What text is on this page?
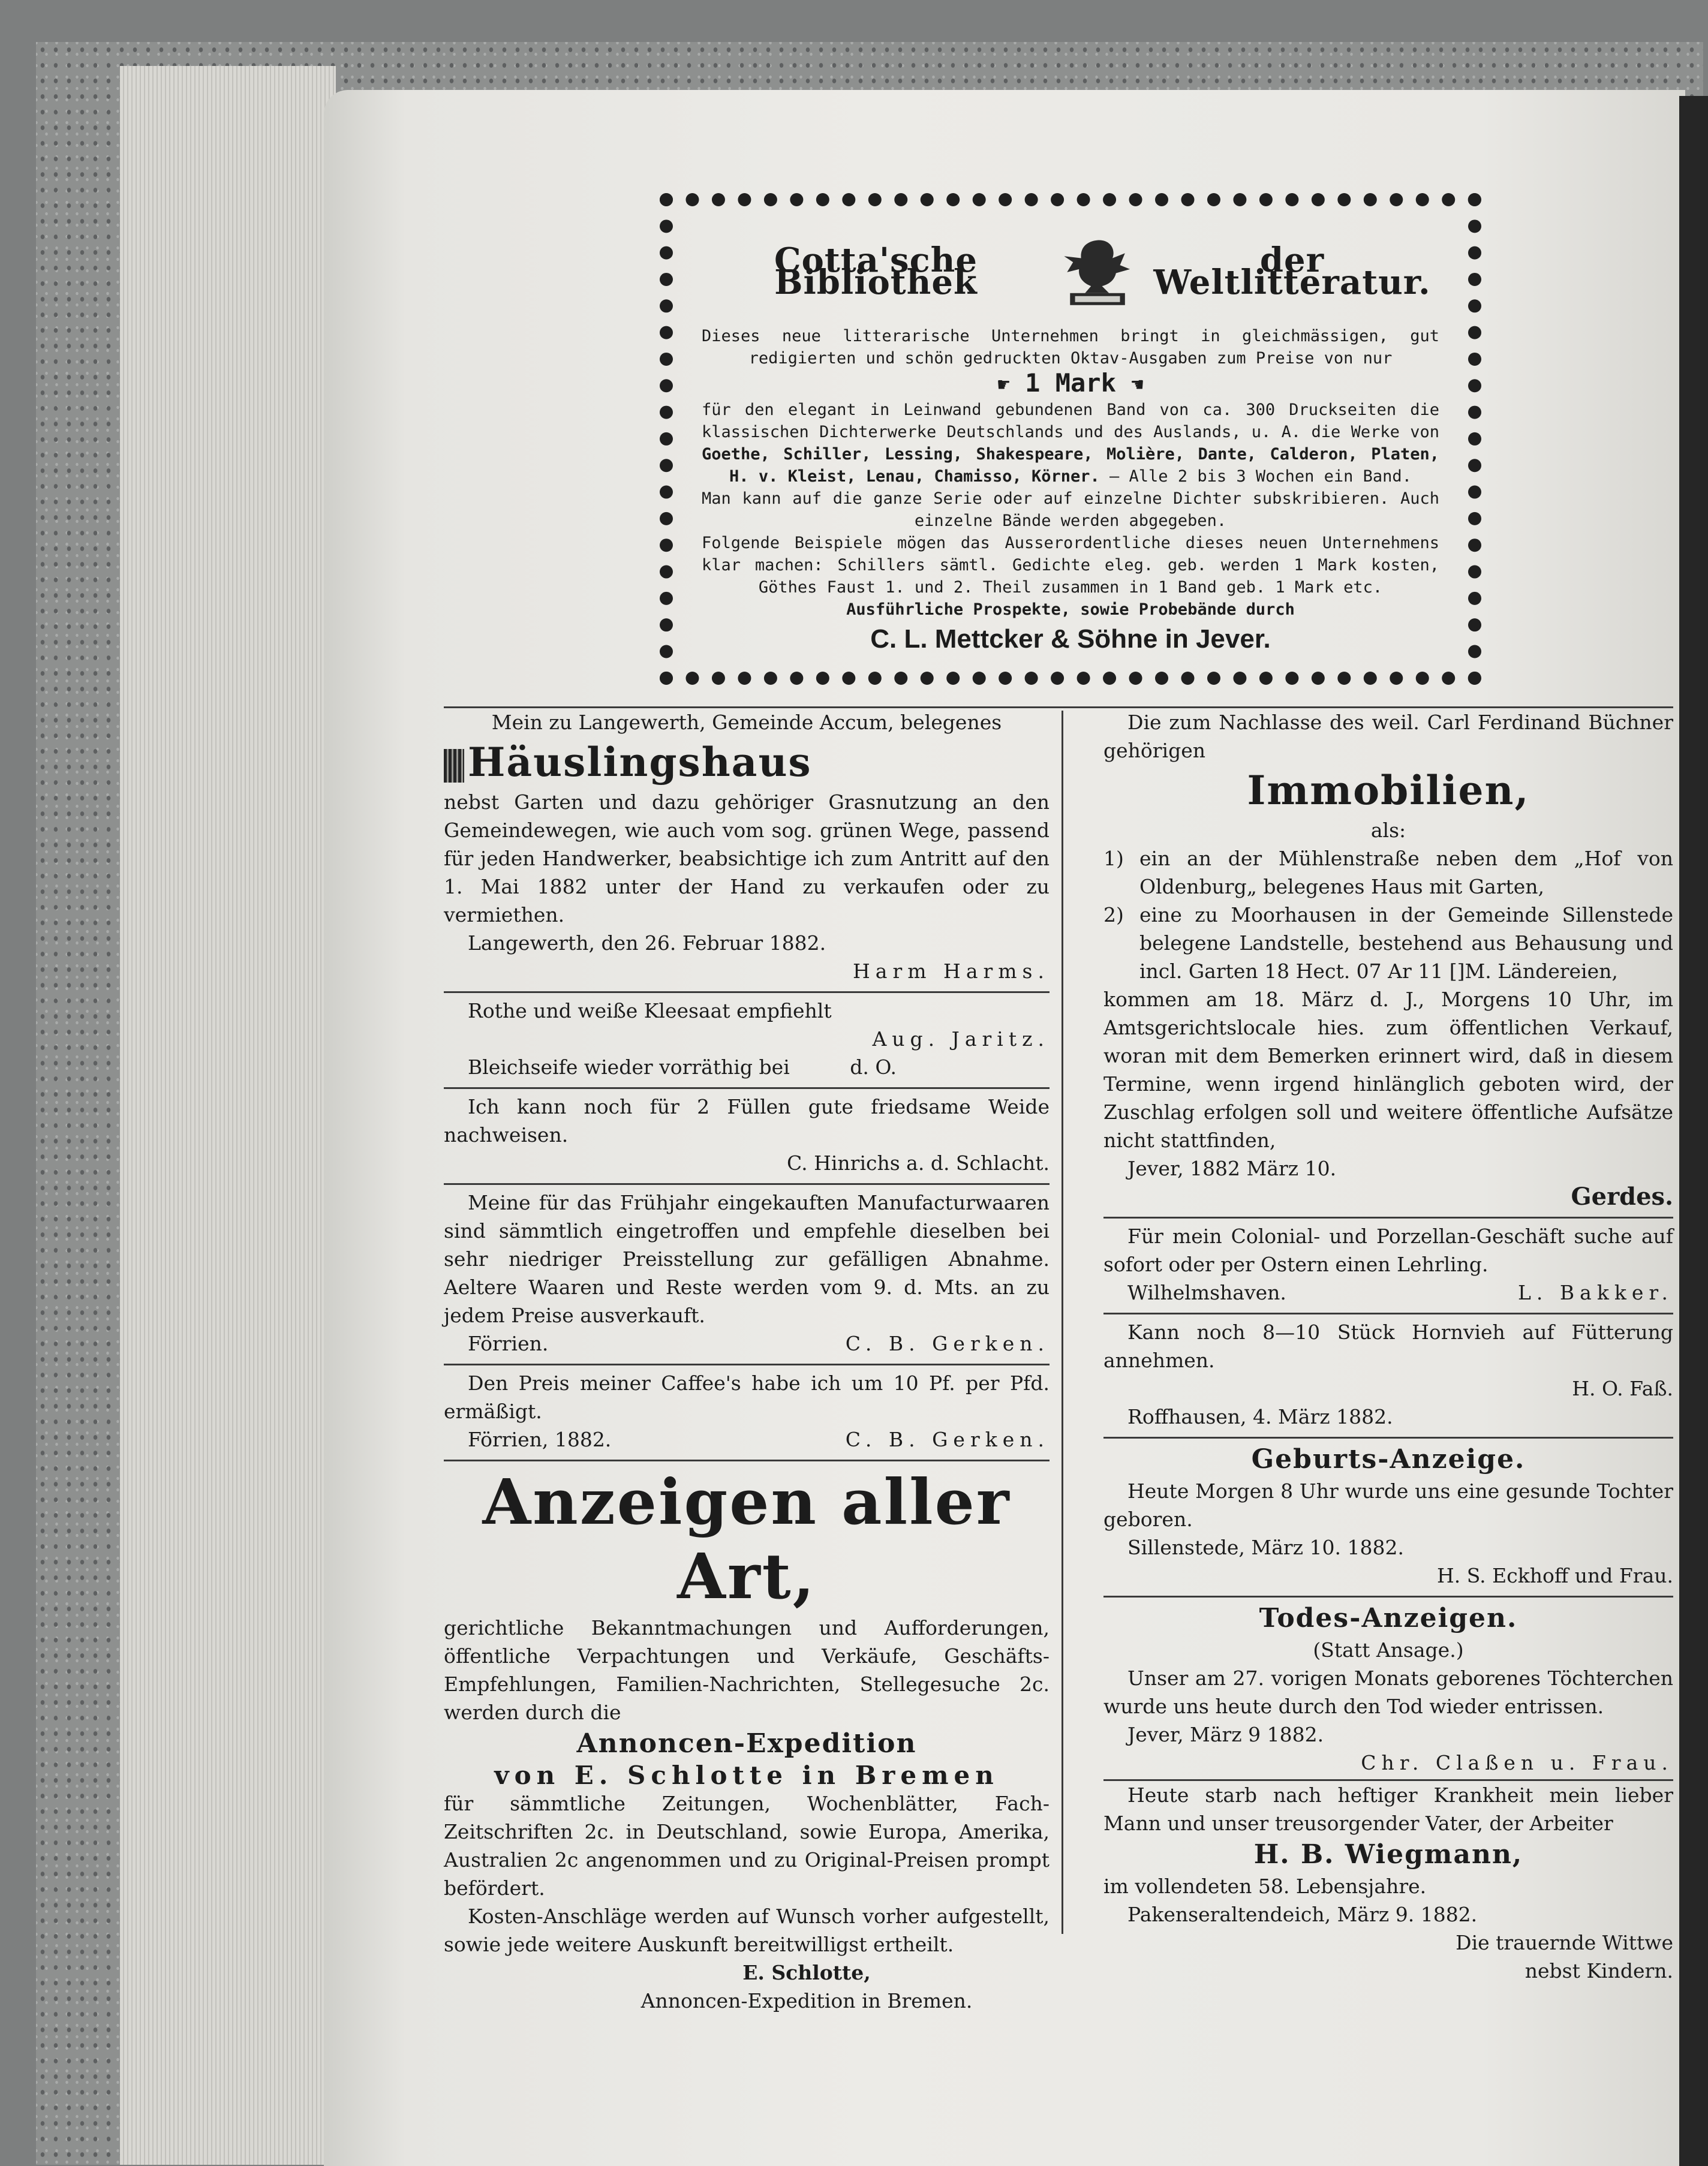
Cotta'sche Bibliothek
der Weltlitteratur.
Dieses neue litterarische Unternehmen bringt in gleichmässigen, gut redigierten und schön gedruckten Oktav-Ausgaben zum Preise von nur
☛ 1 Mark ☚
für den elegant in Leinwand gebundenen Band von ca. 300 Druckseiten die klassischen Dichterwerke Deutschlands und des Auslands, u. A. die Werke von Goethe, Schiller, Lessing, Shakespeare, Molière, Dante, Calderon, Platen, H. v. Kleist, Lenau, Chamisso, Körner. — Alle 2 bis 3 Wochen ein Band.
Man kann auf die ganze Serie oder auf einzelne Dichter subskribieren. Auch einzelne Bände werden abgegeben.
Folgende Beispiele mögen das Ausserordentliche dieses neuen Unternehmens klar machen: Schillers sämtl. Gedichte eleg. geb. werden 1 Mark kosten, Göthes Faust 1. und 2. Theil zusammen in 1 Band geb. 1 Mark etc.
Ausführliche Prospekte, sowie Probebände durch
C. L. Mettcker & Söhne in Jever.
Mein zu Langewerth, Gemeinde Accum, belegenes
Häuslingshaus
nebst Garten und dazu gehöriger Grasnutzung an den Gemeindewegen, wie auch vom sog. grünen Wege, passend für jeden Handwerker, beabsichtige ich zum Antritt auf den 1. Mai 1882 unter der Hand zu verkaufen oder zu vermiethen.
Langewerth, den 26. Februar 1882.
Harm Harms.
Rothe und weiße Kleesaat empfiehlt
Aug. Jaritz.
Bleichseife wieder vorräthig bei	d. O.
Ich kann noch für 2 Füllen gute friedsame Weide nachweisen.
C. Hinrichs a. d. Schlacht.
Meine für das Frühjahr eingekauften Manufacturwaaren sind sämmtlich eingetroffen und empfehle dieselben bei sehr niedriger Preisstellung zur gefälligen Abnahme. Aeltere Waaren und Reste werden vom 9. d. Mts. an zu jedem Preise ausverkauft.
Förrien.	C. B. Gerken.
Den Preis meiner Caffee's habe ich um 10 Pf. per Pfd. ermäßigt.
Förrien, 1882.	C. B. Gerken.
Anzeigen aller Art,
gerichtliche Bekanntmachungen und Aufforderungen, öffentliche Verpachtungen und Verkäufe, Geschäfts-Empfehlungen, Familien-Nachrichten, Stellegesuche 2c. werden durch die
Annoncen-Expedition
von E. Schlotte in Bremen
für sämmtliche Zeitungen, Wochenblätter, Fach-Zeitschriften 2c. in Deutschland, sowie Europa, Amerika, Australien 2c angenommen und zu Original-Preisen prompt befördert.
Kosten-Anschläge werden auf Wunsch vorher aufgestellt, sowie jede weitere Auskunft bereitwilligst ertheilt.
E. Schlotte,
Annoncen-Expedition in Bremen.
Die zum Nachlasse des weil. Carl Ferdinand Büchner gehörigen
Immobilien,
als:
1) ein an der Mühlenstraße neben dem „Hof von Oldenburg„ belegenes Haus mit Garten,
2) eine zu Moorhausen in der Gemeinde Sillenstede belegene Landstelle, bestehend aus Behausung und incl. Garten 18 Hect. 07 Ar 11 []M. Ländereien,
kommen am 18. März d. J., Morgens 10 Uhr, im Amtsgerichtslocale hies. zum öffentlichen Verkauf, woran mit dem Bemerken erinnert wird, daß in diesem Termine, wenn irgend hinlänglich geboten wird, der Zuschlag erfolgen soll und weitere öffentliche Aufsätze nicht stattfinden,
Jever, 1882 März 10.
Gerdes.
Für mein Colonial- und Porzellan-Geschäft suche auf sofort oder per Ostern einen Lehrling.
Wilhelmshaven.	L. Bakker.
Kann noch 8—10 Stück Hornvieh auf Fütterung annehmen.
H. O. Faß.
Roffhausen, 4. März 1882.
Geburts-Anzeige.
Heute Morgen 8 Uhr wurde uns eine gesunde Tochter geboren.
Sillenstede, März 10. 1882.
H. S. Eckhoff und Frau.
Todes-Anzeigen.
(Statt Ansage.)
Unser am 27. vorigen Monats geborenes Töchterchen wurde uns heute durch den Tod wieder entrissen.
Jever, März 9 1882.
Chr. Claßen u. Frau.
Heute starb nach heftiger Krankheit mein lieber Mann und unser treusorgender Vater, der Arbeiter
H. B. Wiegmann,
im vollendeten 58. Lebensjahre.
Pakenseraltendeich, März 9. 1882.
Die trauernde Wittwe
nebst Kindern.
